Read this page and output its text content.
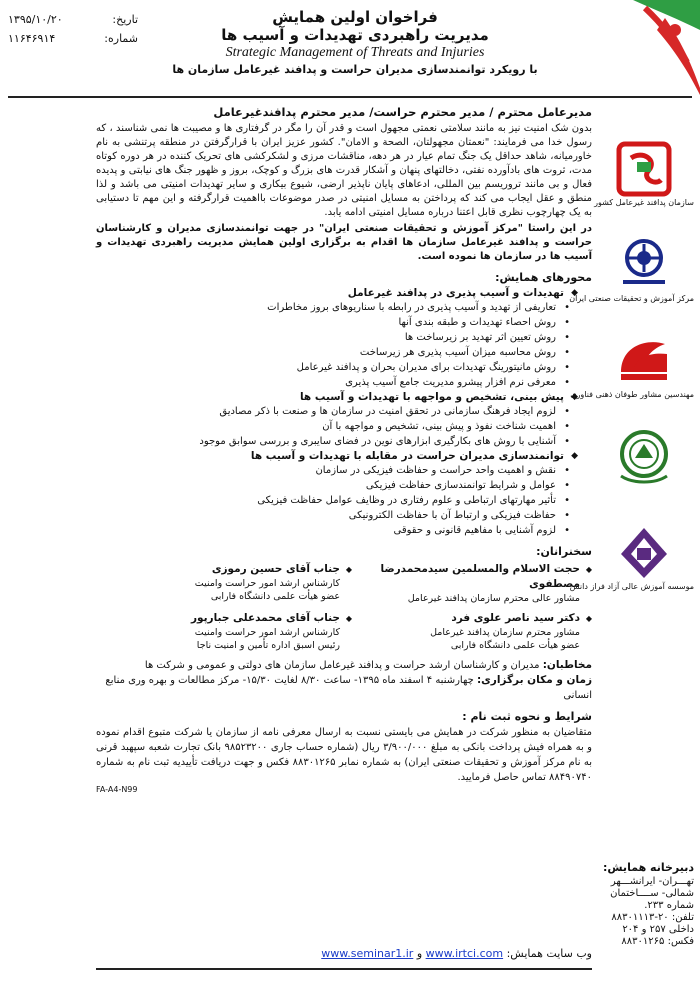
تاریخ:
۱۳۹۵/۱۰/۲۰
شماره:
۱۱۶۴۶۹۱۴
فراخوان اولین همایش
مدیریت راهبردی تهدیدات و آسیب ها
Strategic Management of Threats and Injuries
با رویکرد توانمندسازی مدیران حراست و پدافند غیرعامل سازمان ها
سازمان پدافند غیرعامل کشور
مرکز آموزش و تحقیقات صنعتی ایران
مهندسین مشاور طوفان ذهنی فناوری
موسسه آموزش عالی آزاد فراز دانش
مدیرعامل محترم / مدیر محترم حراست/ مدیر محترم پدافندغیرعامل

بدون شک امنیت نیز به مانند سلامتی نعمتی مجهول است و قدر آن را مگر در گرفتاری ها و مصیبت ها نمی شناسند ، که رسول خدا می فرمایند: "نعمتان مجهولتان، الصحة و الامان". کشور عزیز ایران با قرارگرفتن در منطقه پرتنشی به نام خاورمیانه، شاهد حداقل یک جنگ تمام عیار در هر دهه، مناقشات مرزی و لشکرکشی های تحریک کننده در هر دوره کوتاه مدت، ثروت های بادآورده نفتی، دخالتهای پنهان و آشکار قدرت های بزرگ و کوچک، بروز و ظهور جنگ های نیابتی و پدیده فعال و بی مانند تروریسم بین المللی، ادعاهای پایان ناپذیر ارضی، شیوع بیکاری و سایر تهدیدات امنیتی می باشد و لذا منطق و عقل ایجاب می کند که پرداختن به مسایل امنیتی در صدر موضوعات بااهمیت قرارگرفته و این مهم تا دستیابی به یک چهارچوب نظری قابل اعتنا درباره مسایل امنیتی ادامه یابد.

در این راستا "مرکز آموزش و تحقیقات صنعتی ایران" در جهت توانمندسازی مدیران و کارشناسان حراست و پدافند غیرعامل سازمان ها اقدام به برگزاری اولین همایش مدیریت راهبردی تهدیدات و آسیب ها در سازمان ها نموده است.

محورهای همایش:
◆ تهدیدات و آسیب پذیری در پدافند غیرعامل
• تعاریفی از تهدید و آسیب پذیری در رابطه با سناریوهای بروز مخاطرات
• روش احصاء تهدیدات و طبقه بندی آنها
• روش تعیین اثر تهدید بر زیرساخت ها
• روش محاسبه میزان آسیب پذیری هر زیرساخت
• روش مانیتورینگ تهدیدات برای مدیران بحران و پدافند غیرعامل
• معرفی نرم افزار پیشرو مدیریت جامع آسیب پذیری
◆ پیش بینی، تشخیص و مواجهه با تهدیدات و آسیب ها
• لزوم ایجاد فرهنگ سازمانی در تحقق امنیت در سازمان ها و صنعت با ذکر مصادیق
• اهمیت شناخت نفوذ و پیش بینی، تشخیص و مواجهه با آن
• آشنایی با روش های بکارگیری ابزارهای نوین در فضای سایبری و بررسی سوابق موجود
◆ توانمندسازی مدیران حراست در مقابله با تهدیدات و آسیب ها
• نقش و اهمیت واحد حراست و حفاظت فیزیکی در سازمان
• عوامل و شرایط توانمندسازی حفاظت فیزیکی
• تأثیر مهارتهای ارتباطی و علوم رفتاری در وظایف عوامل حفاظت فیزیکی
• حفاظت فیزیکی و ارتباط آن با حفاظت الکترونیکی
• لزوم آشنایی با مفاهیم قانونی و حقوقی
سخنرانان:
◆ حجت الاسلام والمسلمین سیدمحمدرضا مصطفوی
مشاور عالی محترم سازمان پدافند غیرعامل
◆ جناب آقای حسین رموزی
کارشناس ارشد امور حراست وامنیت
عضو هیأت علمی دانشگاه فارابی
◆ دکتر سید ناصر علوی فرد
مشاور محترم سازمان پدافند غیرعامل
عضو هیأت علمی دانشگاه فارابی
◆ جناب آقای محمدعلی جبارپور
کارشناس ارشد امور حراست وامنیت
رئیس اسبق اداره تأمین و امنیت ناجا
مخاطبان: مدیران و کارشناسان ارشد حراست و پدافند غیرعامل سازمان های دولتی و عمومی و شرکت ها
زمان و مکان برگزاری: چهارشنبه ۴ اسفند ماه ۱۳۹۵- ساعت ۸/۳۰ لغایت ۱۵/۳۰- مرکز مطالعات و بهره وری منابع انسانی
شرایط و نحوه ثبت نام :
متقاضیان به منظور شرکت در همایش می بایستی نسبت به ارسال معرفی نامه از سازمان یا شرکت متبوع اقدام نموده و به همراه فیش پرداخت بانکی به مبلغ ۳/۹۰۰/۰۰۰ ریال (شماره حساب جاری ۹۸۵۲۳۲۰۰ بانک تجارت شعبه سپهبد قرنی به نام مرکز آموزش و تحقیقات صنعتی ایران) به شماره نمابر ۸۸۳۰۱۲۶۵ فکس و جهت دریافت تأییدیه ثبت نام به شماره ۸۸۴۹۰۷۴۰ تماس حاصل فرمایید.
FA-A4-N99
دبیرخانه همایش:
تهـــران- ایرانشـــهر
شمالی- ســــاختمان
شماره ۲۳۳.
تلفن: ۲۰-۸۸۳۰۱۱۱۳
داخلی ۲۵۷ و ۲۰۴
فکس: ۸۸۳۰۱۲۶۵
وب سایت همایش: www.irtci.com و www.seminar1.ir
